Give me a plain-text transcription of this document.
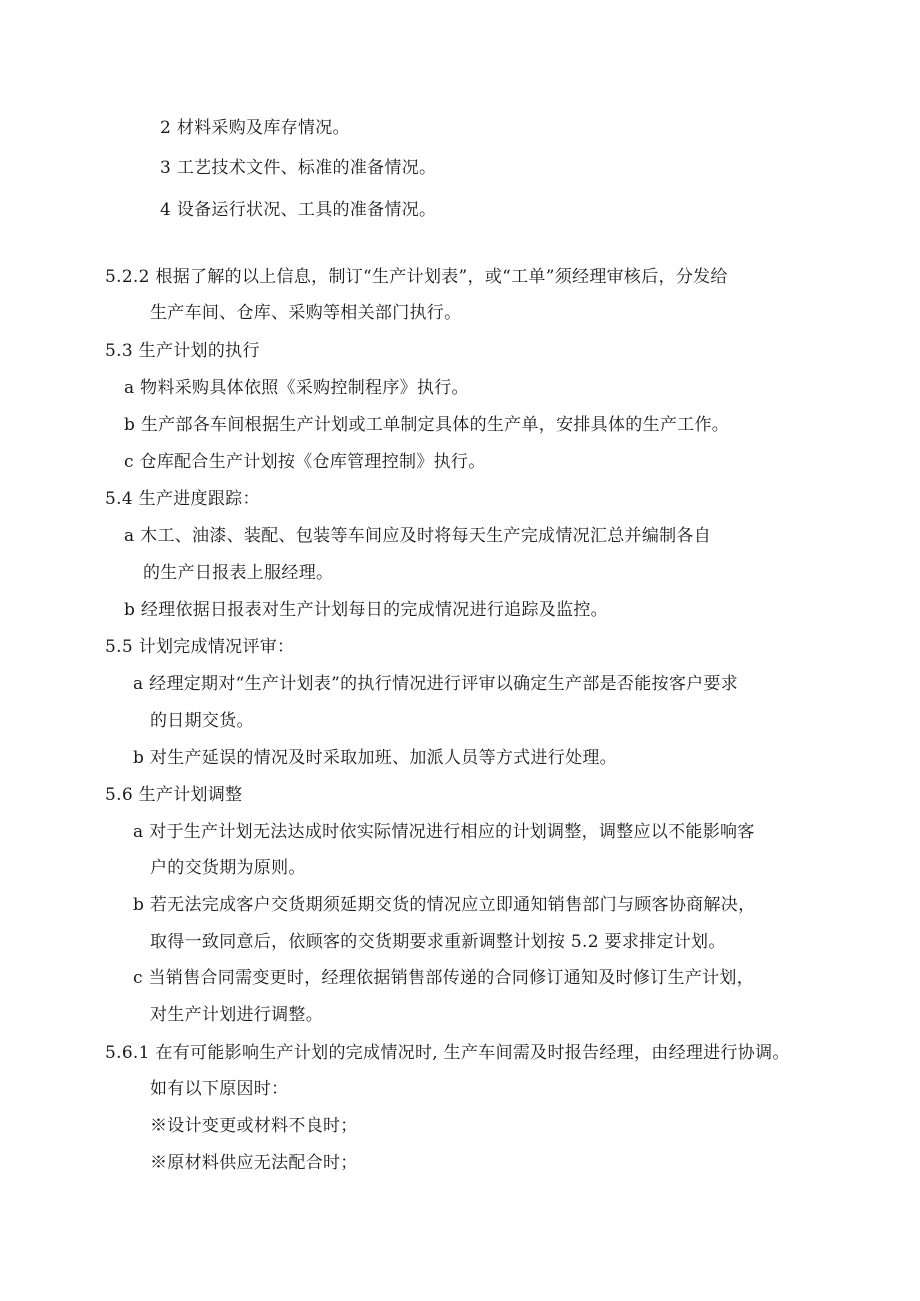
2 材料采购及库存情况。
3 工艺技术文件、标准的准备情况。
4 设备运行状况、工具的准备情况。
5.2.2 根据了解的以上信息，制订“生产计划表”，或“工单”须经理审核后，分发给
生产车间、仓库、采购等相关部门执行。
5.3 生产计划的执行
a 物料采购具体依照《采购控制程序》执行。
b 生产部各车间根据生产计划或工单制定具体的生产单，安排具体的生产工作。
c 仓库配合生产计划按《仓库管理控制》执行。
5.4 生产进度跟踪：
a 木工、油漆、装配、包装等车间应及时将每天生产完成情况汇总并编制各自
的生产日报表上服经理。
b 经理依据日报表对生产计划每日的完成情况进行追踪及监控。
5.5 计划完成情况评审：
a 经理定期对“生产计划表”的执行情况进行评审以确定生产部是否能按客户要求
的日期交货。
b 对生产延误的情况及时采取加班、加派人员等方式进行处理。
5.6 生产计划调整
a 对于生产计划无法达成时依实际情况进行相应的计划调整，调整应以不能影响客
户的交货期为原则。
b 若无法完成客户交货期须延期交货的情况应立即通知销售部门与顾客协商解决，
取得一致同意后，依顾客的交货期要求重新调整计划按 5.2 要求排定计划。
c 当销售合同需变更时，经理依据销售部传递的合同修订通知及时修订生产计划，
对生产计划进行调整。
5.6.1 在有可能影响生产计划的完成情况时, 生产车间需及时报告经理，由经理进行协调。
如有以下原因时：
※设计变更或材料不良时；
※原材料供应无法配合时；
